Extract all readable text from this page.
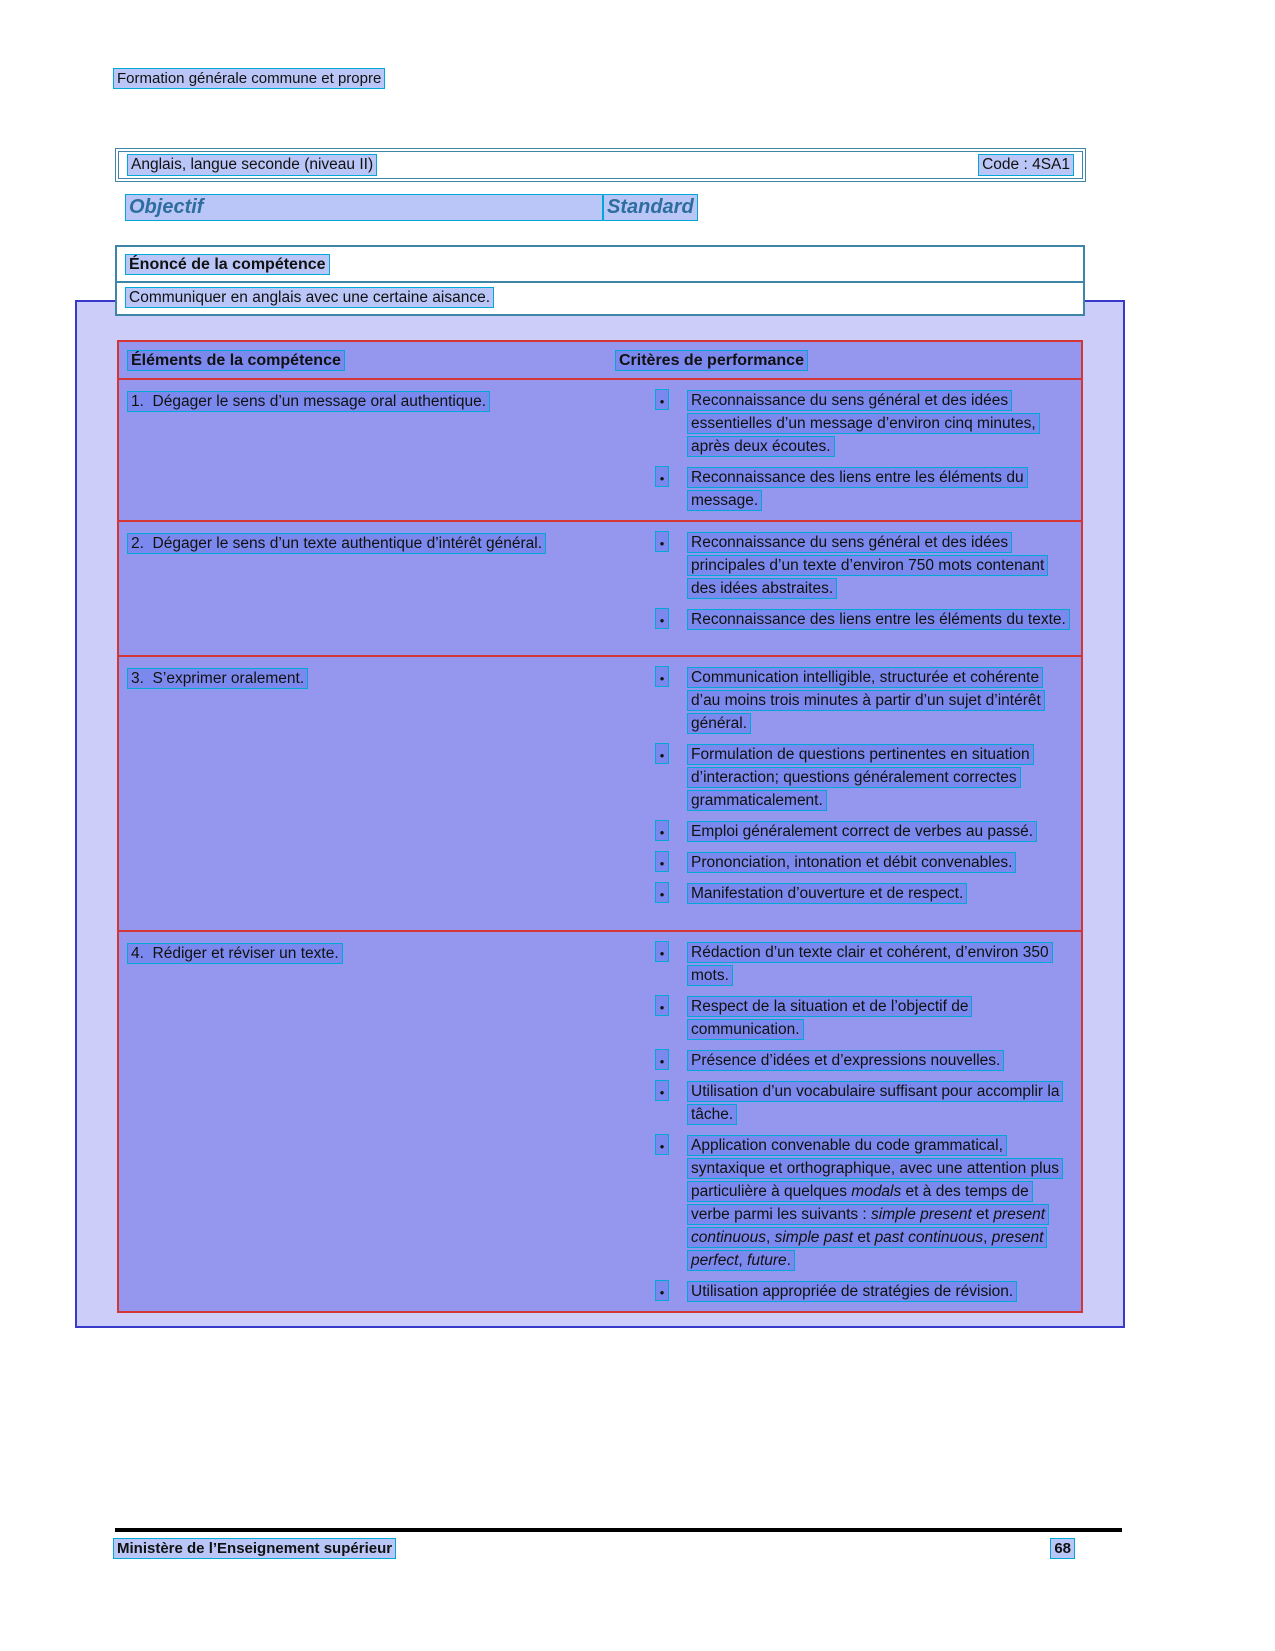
Formation générale commune et propre
Anglais, langue seconde (niveau II)	Code : 4SA1
Objectif	Standard
Énoncé de la compétence
Communiquer en anglais avec une certaine aisance.
Éléments de la compétence	Critères de performance
1.  Dégager le sens d’un message oral authentique.	•	Reconnaissance du sens général et des idées essentielles d’un message d’environ cinq minutes, après deux écoutes.
•	Reconnaissance des liens entre les éléments du message.
2.  Dégager le sens d’un texte authentique d’intérêt général.	•	Reconnaissance du sens général et des idées principales d’un texte d’environ 750 mots contenant des idées abstraites.
•	Reconnaissance des liens entre les éléments du texte.
3.  S’exprimer oralement.	•	Communication intelligible, structurée et cohérente d’au moins trois minutes à partir d’un sujet d’intérêt général.
•	Formulation de questions pertinentes en situation d’interaction; questions généralement correctes grammaticalement.
•	Emploi généralement correct de verbes au passé.
•	Prononciation, intonation et débit convenables.
•	Manifestation d’ouverture et de respect.
4.  Rédiger et réviser un texte.	•	Rédaction d’un texte clair et cohérent, d’environ 350 mots.
•	Respect de la situation et de l’objectif de communication.
•	Présence d’idées et d’expressions nouvelles.
•	Utilisation d’un vocabulaire suffisant pour accomplir la tâche.
•	Application convenable du code grammatical, syntaxique et orthographique, avec une attention plus particulière à quelques modals et à des temps de verbe parmi les suivants : simple present et present continuous, simple past et past continuous, present perfect, future.
•	Utilisation appropriée de stratégies de révision.
Ministère de l’Enseignement supérieur	68
